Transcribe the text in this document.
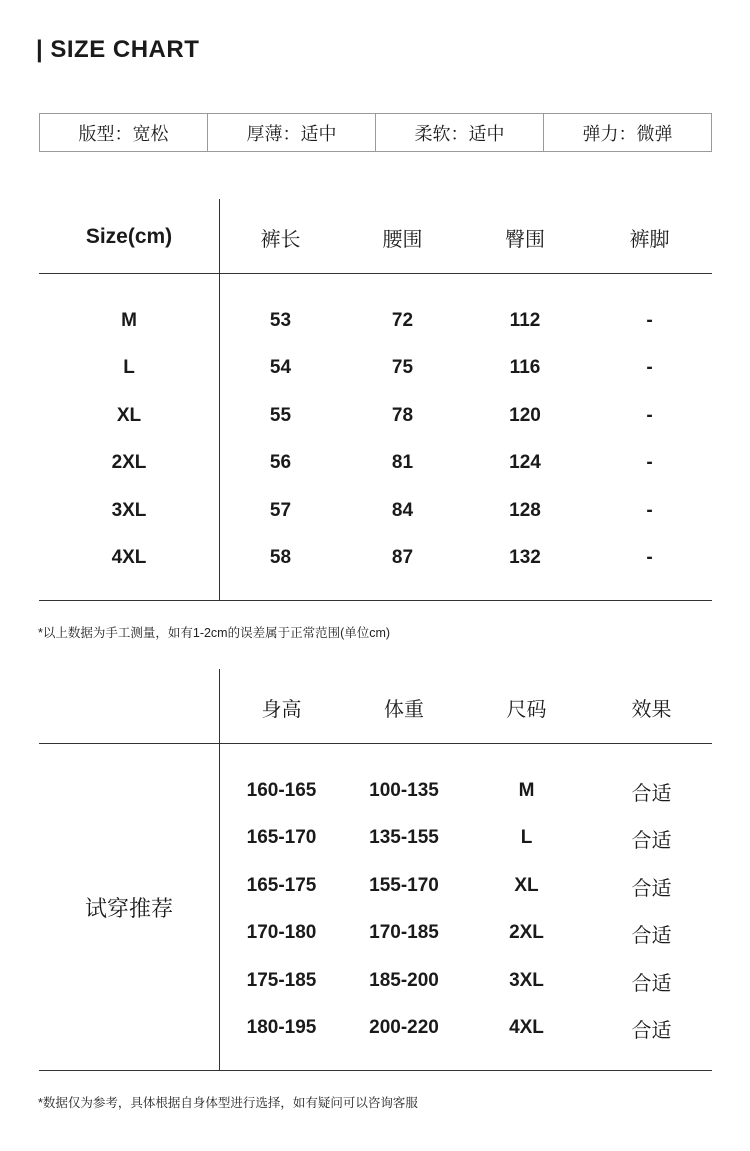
| SIZE CHART
版型：宽松	厚薄：适中	柔软：适中	弹力：微弹
Size(cm)	裤长	腰围	臀围	裤脚
M	53	72	112	-
L	54	75	116	-
XL	55	78	120	-
2XL	56	81	124	-
3XL	57	84	128	-
4XL	58	87	132	-
*以上数据为手工测量，如有1-2cm的误差属于正常范围(单位cm)
试穿推荐
身高	体重	尺码	效果
160-165	100-135	M	合适
165-170	135-155	L	合适
165-175	155-170	XL	合适
170-180	170-185	2XL	合适
175-185	185-200	3XL	合适
180-195	200-220	4XL	合适
*数据仅为参考，具体根据自身体型进行选择，如有疑问可以咨询客服
